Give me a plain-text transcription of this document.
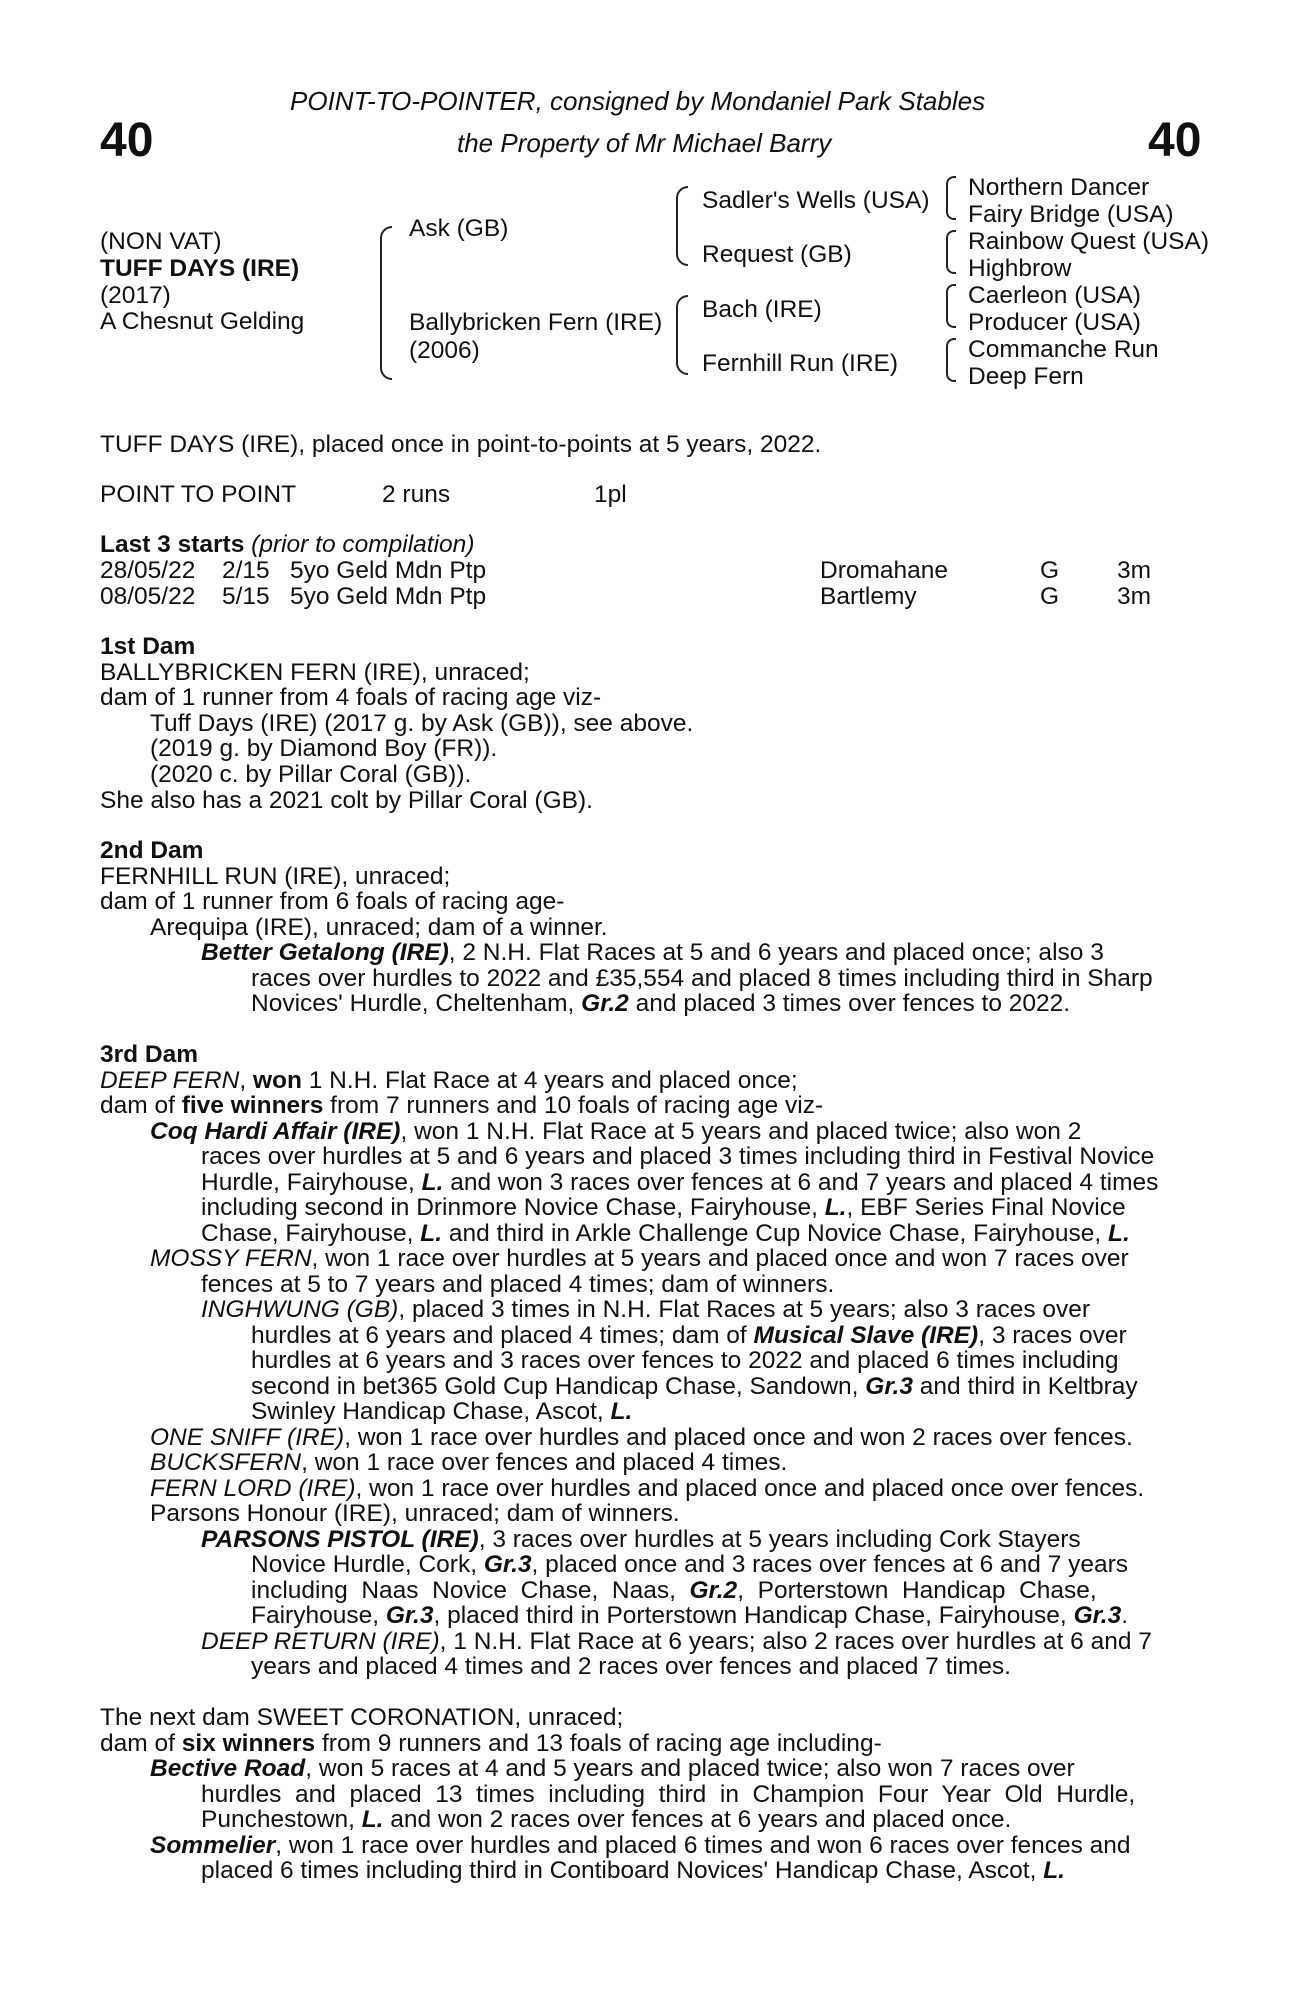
POINT-TO-POINTER, consigned by Mondaniel Park Stables
40	the Property of Mr Michael Barry	40
(NON VAT)
TUFF DAYS (IRE)
(2017)
A Chesnut Gelding
Ask (GB)
Ballybricken Fern (IRE)
(2006)
Sadler's Wells (USA)
Request (GB)
Bach (IRE)
Fernhill Run (IRE)
Northern Dancer
Fairy Bridge (USA)
Rainbow Quest (USA)
Highbrow
Caerleon (USA)
Producer (USA)
Commanche Run
Deep Fern
TUFF DAYS (IRE), placed once in point-to-points at 5 years, 2022.
POINT TO POINT	2 runs	1pl
Last 3 starts (prior to compilation)
28/05/22 2/15 5yo Geld Mdn Ptp	Dromahane	G 3m
08/05/22 5/15 5yo Geld Mdn Ptp	Bartlemy	G 3m
1st Dam
BALLYBRICKEN FERN (IRE), unraced;
dam of 1 runner from 4 foals of racing age viz-
Tuff Days (IRE) (2017 g. by Ask (GB)), see above.
(2019 g. by Diamond Boy (FR)).
(2020 c. by Pillar Coral (GB)).
She also has a 2021 colt by Pillar Coral (GB).
2nd Dam
FERNHILL RUN (IRE), unraced;
dam of 1 runner from 6 foals of racing age-
Arequipa (IRE), unraced; dam of a winner.
Better Getalong (IRE), 2 N.H. Flat Races at 5 and 6 years and placed once; also 3
races over hurdles to 2022 and £35,554 and placed 8 times including third in Sharp
Novices' Hurdle, Cheltenham, Gr.2 and placed 3 times over fences to 2022.
3rd Dam
DEEP FERN, won 1 N.H. Flat Race at 4 years and placed once;
dam of five winners from 7 runners and 10 foals of racing age viz-
Coq Hardi Affair (IRE), won 1 N.H. Flat Race at 5 years and placed twice; also won 2
races over hurdles at 5 and 6 years and placed 3 times including third in Festival Novice
Hurdle, Fairyhouse, L. and won 3 races over fences at 6 and 7 years and placed 4 times
including second in Drinmore Novice Chase, Fairyhouse, L., EBF Series Final Novice
Chase, Fairyhouse, L. and third in Arkle Challenge Cup Novice Chase, Fairyhouse, L.
MOSSY FERN, won 1 race over hurdles at 5 years and placed once and won 7 races over
fences at 5 to 7 years and placed 4 times; dam of winners.
INGHWUNG (GB), placed 3 times in N.H. Flat Races at 5 years; also 3 races over
hurdles at 6 years and placed 4 times; dam of Musical Slave (IRE), 3 races over
hurdles at 6 years and 3 races over fences to 2022 and placed 6 times including
second in bet365 Gold Cup Handicap Chase, Sandown, Gr.3 and third in Keltbray
Swinley Handicap Chase, Ascot, L.
ONE SNIFF (IRE), won 1 race over hurdles and placed once and won 2 races over fences.
BUCKSFERN, won 1 race over fences and placed 4 times.
FERN LORD (IRE), won 1 race over hurdles and placed once and placed once over fences.
Parsons Honour (IRE), unraced; dam of winners.
PARSONS PISTOL (IRE), 3 races over hurdles at 5 years including Cork Stayers
Novice Hurdle, Cork, Gr.3, placed once and 3 races over fences at 6 and 7 years
including  Naas  Novice  Chase,  Naas,  Gr.2,  Porterstown  Handicap  Chase,
Fairyhouse, Gr.3, placed third in Porterstown Handicap Chase, Fairyhouse, Gr.3.
DEEP RETURN (IRE), 1 N.H. Flat Race at 6 years; also 2 races over hurdles at 6 and 7
years and placed 4 times and 2 races over fences and placed 7 times.
The next dam SWEET CORONATION, unraced;
dam of six winners from 9 runners and 13 foals of racing age including-
Bective Road, won 5 races at 4 and 5 years and placed twice; also won 7 races over
hurdles  and  placed  13  times  including  third  in  Champion  Four  Year  Old  Hurdle,
Punchestown, L. and won 2 races over fences at 6 years and placed once.
Sommelier, won 1 race over hurdles and placed 6 times and won 6 races over fences and
placed 6 times including third in Contiboard Novices' Handicap Chase, Ascot, L.
